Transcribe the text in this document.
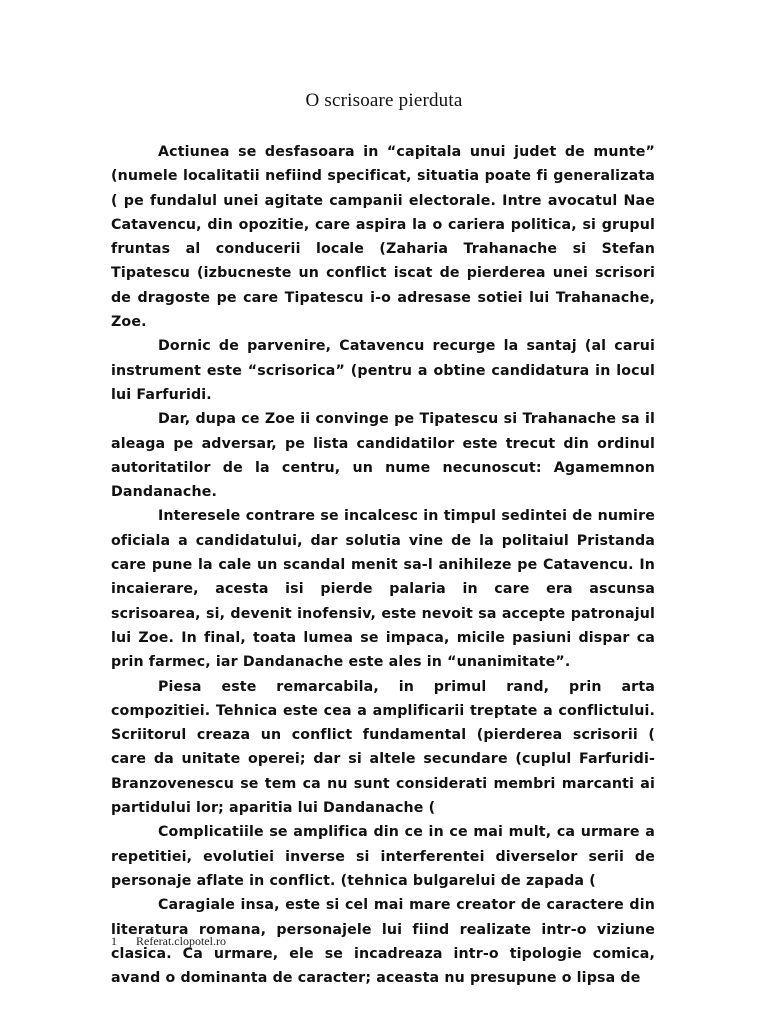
O scrisoare pierduta

Actiunea se desfasoara in “capitala unui judet de munte” (numele localitatii nefiind specificat, situatia poate fi generalizata ( pe fundalul unei agitate campanii electorale. Intre avocatul Nae Catavencu, din opozitie, care aspira la o cariera politica, si grupul fruntas al conducerii locale (Zaharia Trahanache si Stefan Tipatescu (izbucneste un conflict iscat de pierderea unei scrisori de dragoste pe care Tipatescu i-o adresase sotiei lui Trahanache, Zoe.

Dornic de parvenire, Catavencu recurge la santaj (al carui instrument este “scrisorica” (pentru a obtine candidatura in locul lui Farfuridi.

Dar, dupa ce Zoe ii convinge pe Tipatescu si Trahanache sa il aleaga pe adversar, pe lista candidatilor este trecut din ordinul autoritatilor de la centru, un nume necunoscut: Agamemnon Dandanache.

Interesele contrare se incalcesc in timpul sedintei de numire oficiala a candidatului, dar solutia vine de la politaiul Pristanda care pune la cale un scandal menit sa-l anihileze pe Catavencu. In incaierare, acesta isi pierde palaria in care era ascunsa scrisoarea, si, devenit inofensiv, este nevoit sa accepte patronajul lui Zoe. In final, toata lumea se impaca, micile pasiuni dispar ca prin farmec, iar Dandanache este ales in “unanimitate”.

Piesa este remarcabila, in primul rand, prin arta compozitiei. Tehnica este cea a amplificarii treptate a conflictului. Scriitorul creaza un conflict fundamental (pierderea scrisorii ( care da unitate operei; dar si altele secundare (cuplul Farfuridi-Branzovenescu se tem ca nu sunt considerati membri marcanti ai partidului lor; aparitia lui Dandanache (

Complicatiile se amplifica din ce in ce mai mult, ca urmare a repetitiei, evolutiei inverse si interferentei diverselor serii de personaje aflate in conflict. (tehnica bulgarelui de zapada (

Caragiale insa, este si cel mai mare creator de caractere din literatura romana, personajele lui fiind realizate intr-o viziune clasica. Ca urmare, ele se incadreaza intr-o tipologie comica, avand o dominanta de caracter; aceasta nu presupune o lipsa de

1 Referat.clopotel.ro
